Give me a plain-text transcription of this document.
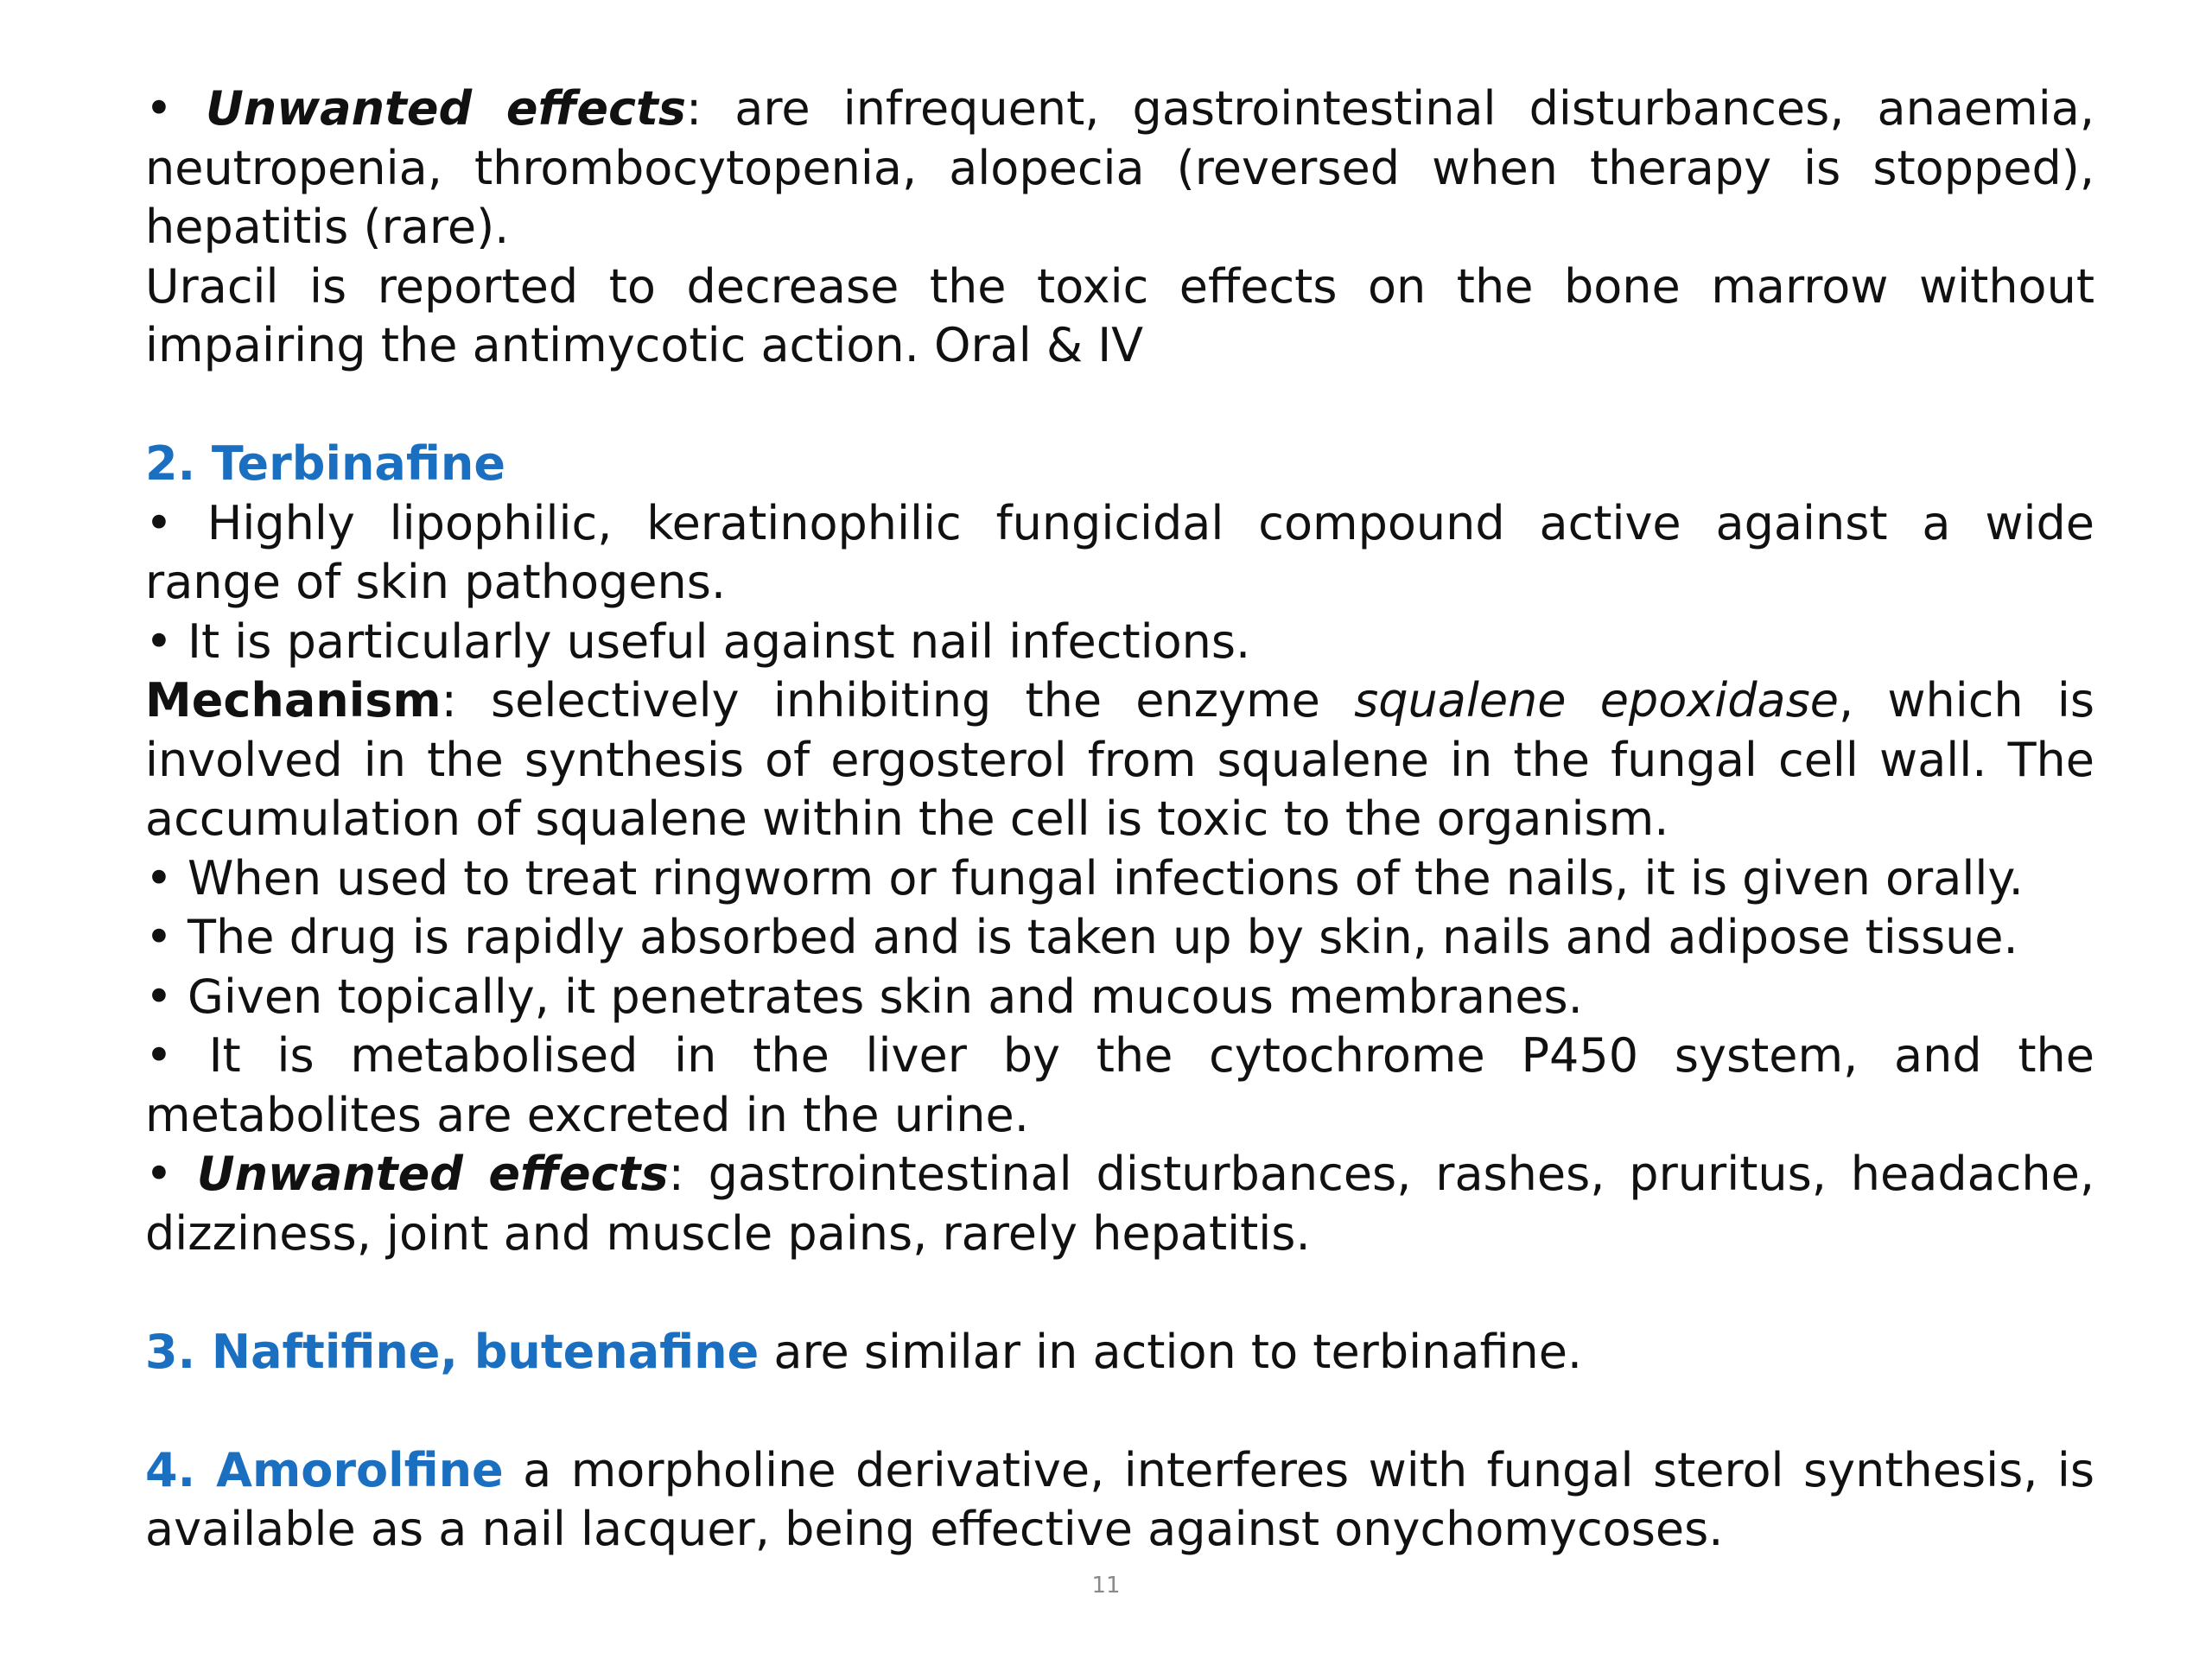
• Unwanted effects: are infrequent, gastrointestinal disturbances, anaemia,

neutropenia, thrombocytopenia, alopecia (reversed when therapy is stopped),

hepatitis (rare).

Uracil is reported to decrease the toxic effects on the bone marrow without

impairing the antimycotic action. Oral & IV

2. Terbinafine

• Highly lipophilic, keratinophilic fungicidal compound active against a wide

range of skin pathogens.

• It is particularly useful against nail infections.

Mechanism: selectively inhibiting the enzyme squalene epoxidase, which is

involved in the synthesis of ergosterol from squalene in the fungal cell wall. The

accumulation of squalene within the cell is toxic to the organism.

• When used to treat ringworm or fungal infections of the nails, it is given orally.

• The drug is rapidly absorbed and is taken up by skin, nails and adipose tissue.

• Given topically, it penetrates skin and mucous membranes.

• It is metabolised in the liver by the cytochrome P450 system, and the

metabolites are excreted in the urine.

• Unwanted effects: gastrointestinal disturbances, rashes, pruritus, headache,

dizziness, joint and muscle pains, rarely hepatitis.

3. Naftifine, butenafine are similar in action to terbinafine.

4. Amorolfine a morpholine derivative, interferes with fungal sterol synthesis, is

available as a nail lacquer, being effective against onychomycoses.

11
